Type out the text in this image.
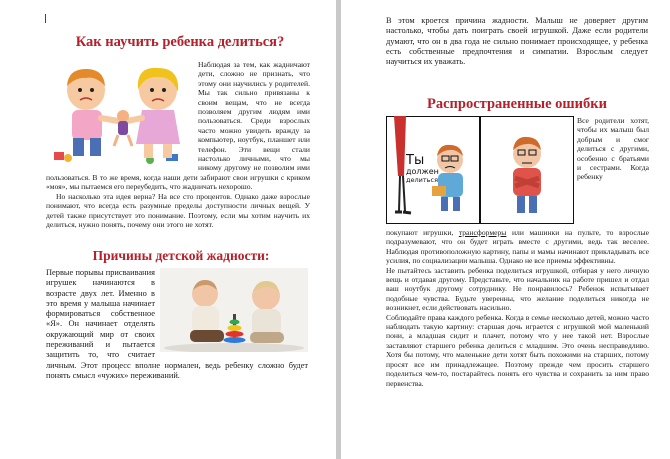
Как научить ребенка делиться?

Наблюдая за тем, как жадничают дети, сложно не признать, что этому они научились у родителей. Мы так сильно привязаны к своим вещам, что не всегда позволяем другим людям ими пользоваться. Среди взрослых часто можно увидеть вражду за компьютер, ноутбук, планшет или телефон. Эти вещи стали настолько личными, что мы никому другому не позволим ими пользоваться. В то же время, когда наши дети забирают свои игрушки с криком «моя», мы пытаемся его переубедить, что жадничать нехорошо.

Но насколько эта идея верна? На все сто процентов. Однако даже взрослые понимают, что всегда есть разумные пределы доступности личных вещей. У детей также присутствует это понимание. Поэтому, если мы хотим научить их делиться, нужно понять, почему они этого не хотят.

Причины детской жадности:

Первые порывы присваивания игрушек начинаются в возрасте двух лет. Именно в это время у малыша начинает формироваться собственное «Я». Он начинает отделять окружающий мир от своих переживаний и пытается защитить то, что считает личным. Этот процесс вполне нормален, ведь ребенку сложно будет понять смысл «чужих» переживаний.

В этом кроется причина жадности. Малыш не доверяет другим настолько, чтобы дать поиграть своей игрушкой. Даже если родители думают, что он в два года не сильно понимает происходящее, у ребенка есть собственные предпочтения и симпатии. Взрослым следует научиться их уважать.

Распространенные ошибки
Ты
должен
делиться

Все родители хотят, чтобы их малыш был добрым и смог делиться с другими, особенно с братьями и сестрами. Когда ребенку

покупают игрушки, трансформеры или машинки на пульте, то взрослые подразумевают, что он будет играть вместе с другими, ведь так веселее. Наблюдая противоположную картину, папы и мамы начинают прикладывать все усилия, по социализации малыша. Однако не все приемы эффективны.

Не пытайтесь заставить ребенка поделиться игрушкой, отбирая у него личную вещь и отдавая другому. Представьте, что начальник на работе пришел и отдал ваш ноутбук другому сотруднику. Не понравилось? Ребенок испытывает подобные чувства. Будьте уверенны, что желание поделиться никогда не возникнет, если действовать насильно.

Соблюдайте права каждого ребенка. Когда в семье несколько детей, можно часто наблюдать такую картину: старшая дочь играется с игрушкой мой маленький пони, а младшая сидит и плачет, потому что у нее такой нет. Взрослые заставляют старшего ребенка делиться с младшим. Это очень несправедливо. Хотя бы потому, что маленькие дети хотят быть похожими на старших, потому просят все им принадлежащее. Поэтому прежде чем просить старшего поделиться чем-то, постарайтесь понять его чувства и сохранить за ним право первенства.
